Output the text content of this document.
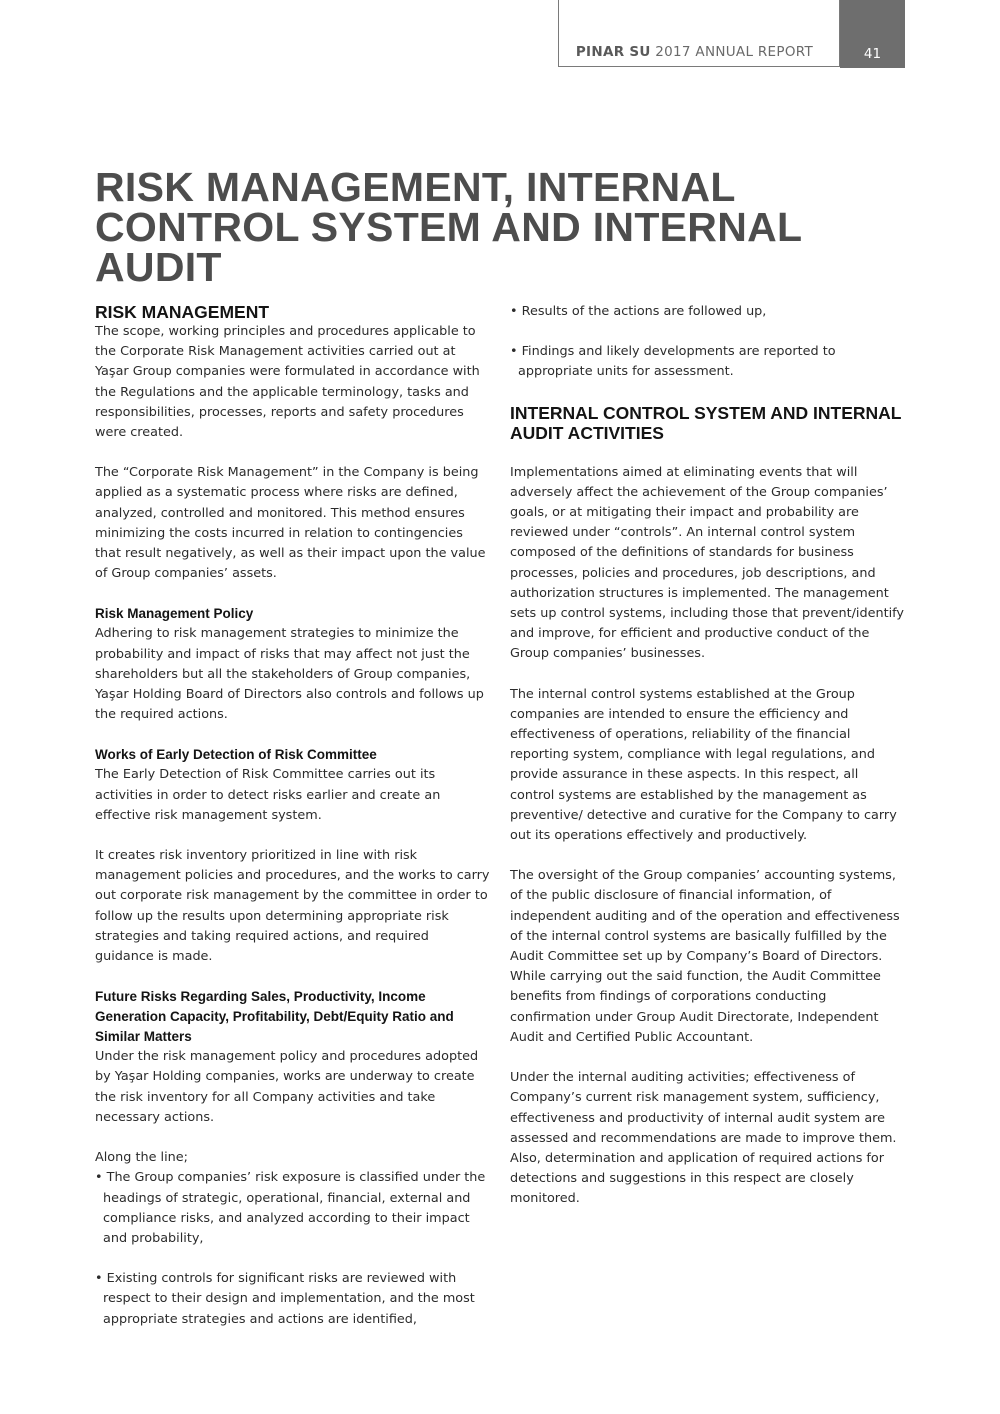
PINAR SU 2017 ANNUAL REPORT	41
RISK MANAGEMENT, INTERNAL CONTROL SYSTEM AND INTERNAL AUDIT
RISK MANAGEMENT

The scope, working principles and procedures applicable to the Corporate Risk Management activities carried out at Yaşar Group companies were formulated in accordance with the Regulations and the applicable terminology, tasks and responsibilities, processes, reports and safety procedures were created.

The “Corporate Risk Management” in the Company is being applied as a systematic process where risks are defined, analyzed, controlled and monitored. This method ensures minimizing the costs incurred in relation to contingencies that result negatively, as well as their impact upon the value of Group companies’ assets.

Risk Management Policy

Adhering to risk management strategies to minimize the probability and impact of risks that may affect not just the shareholders but all the stakeholders of Group companies, Yaşar Holding Board of Directors also controls and follows up the required actions.

Works of Early Detection of Risk Committee

The Early Detection of Risk Committee carries out its activities in order to detect risks earlier and create an effective risk management system.

It creates risk inventory prioritized in line with risk management policies and procedures, and the works to carry out corporate risk management by the committee in order to follow up the results upon determining appropriate risk strategies and taking required actions, and required guidance is made.

Future Risks Regarding Sales, Productivity, Income Generation Capacity, Profitability, Debt/Equity Ratio and Similar Matters

Under the risk management policy and procedures adopted by Yaşar Holding companies, works are underway to create the risk inventory for all Company activities and take necessary actions.

Along the line;

• The Group companies’ risk exposure is classified under the headings of strategic, operational, financial, external and compliance risks, and analyzed according to their impact and probability,
• Existing controls for significant risks are reviewed with respect to their design and implementation, and the most appropriate strategies and actions are identified,
• Results of the actions are followed up,
• Findings and likely developments are reported to appropriate units for assessment.
INTERNAL CONTROL SYSTEM AND INTERNAL AUDIT ACTIVITIES

Implementations aimed at eliminating events that will adversely affect the achievement of the Group companies’ goals, or at mitigating their impact and probability are reviewed under “controls”. An internal control system composed of the definitions of standards for business processes, policies and procedures, job descriptions, and authorization structures is implemented. The management sets up control systems, including those that prevent/identify and improve, for efficient and productive conduct of the Group companies’ businesses.

The internal control systems established at the Group companies are intended to ensure the efficiency and effectiveness of operations, reliability of the financial reporting system, compliance with legal regulations, and provide assurance in these aspects. In this respect, all control systems are established by the management as preventive/ detective and curative for the Company to carry out its operations effectively and productively.

The oversight of the Group companies’ accounting systems, of the public disclosure of financial information, of independent auditing and of the operation and effectiveness of the internal control systems are basically fulfilled by the Audit Committee set up by Company’s Board of Directors. While carrying out the said function, the Audit Committee benefits from findings of corporations conducting confirmation under Group Audit Directorate, Independent Audit and Certified Public Accountant.

Under the internal auditing activities; effectiveness of Company’s current risk management system, sufficiency, effectiveness and productivity of internal audit system are assessed and recommendations are made to improve them. Also, determination and application of required actions for detections and suggestions in this respect are closely monitored.
